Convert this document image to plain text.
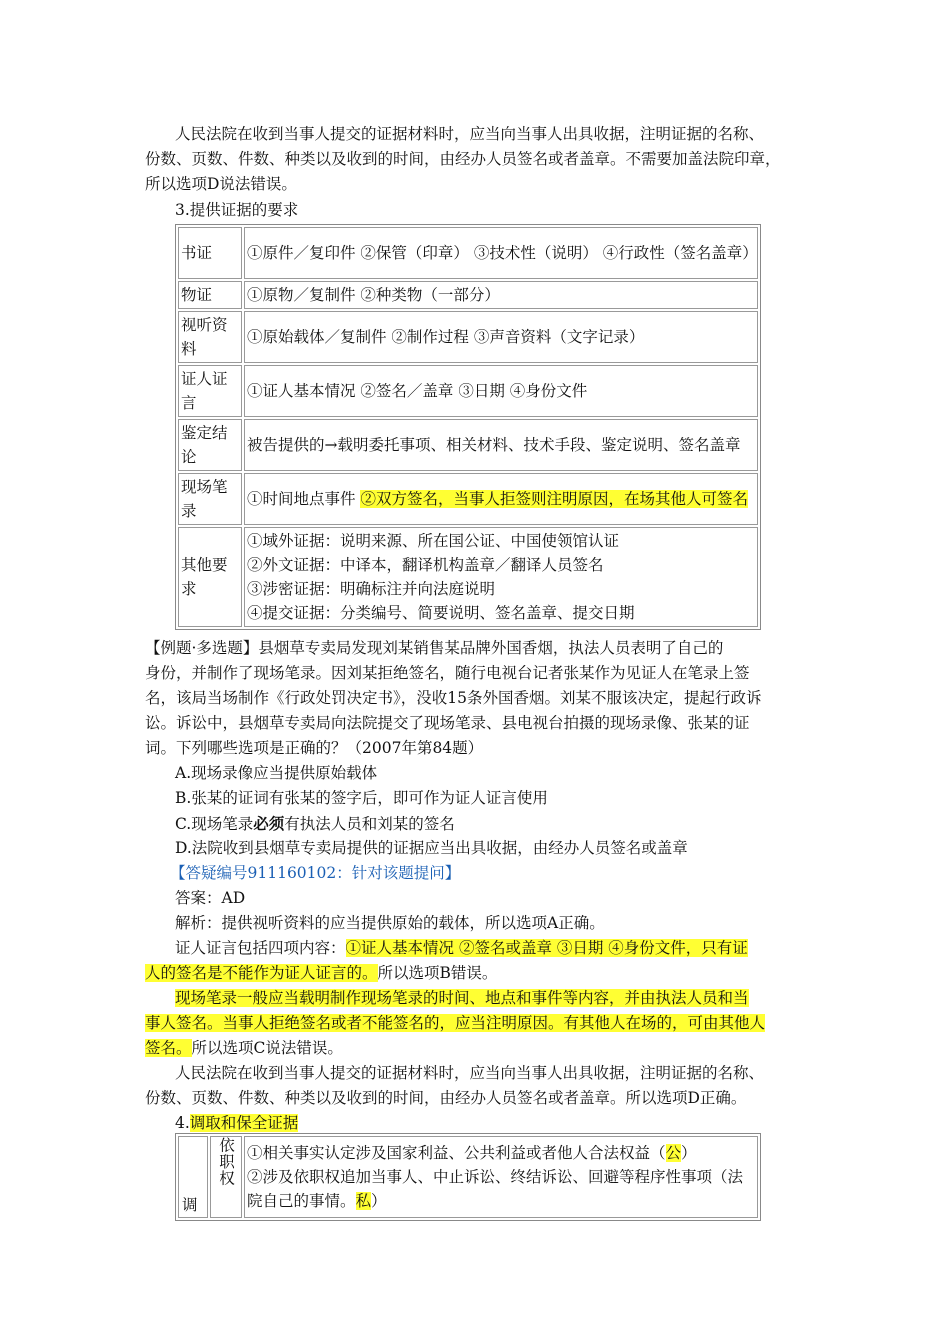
人民法院在收到当事人提交的证据材料时，应当向当事人出具收据，注明证据的名称、
份数、页数、件数、种类以及收到的时间，由经办人员签名或者盖章。不需要加盖法院印章，
所以选项D说法错误。
3.提供证据的要求
书证	①原件／复印件 ②保管（印章） ③技术性（说明） ④行政性（签名盖章）
物证	①原物／复制件 ②种类物（一部分）
视听资料	①原始载体／复制件 ②制作过程 ③声音资料（文字记录）
证人证言	①证人基本情况 ②签名／盖章 ③日期 ④身份文件
鉴定结论	被告提供的→载明委托事项、相关材料、技术手段、鉴定说明、签名盖章
现场笔录	①时间地点事件 ②双方签名，当事人拒签则注明原因，在场其他人可签名
其他要求	①域外证据：说明来源、所在国公证、中国使领馆认证
②外文证据：中译本，翻译机构盖章／翻译人员签名
③涉密证据：明确标注并向法庭说明
④提交证据：分类编号、简要说明、签名盖章、提交日期
【例题·多选题】县烟草专卖局发现刘某销售某品牌外国香烟，执法人员表明了自己的
身份，并制作了现场笔录。因刘某拒绝签名，随行电视台记者张某作为见证人在笔录上签
名，该局当场制作《行政处罚决定书》，没收15条外国香烟。刘某不服该决定，提起行政诉
讼。诉讼中，县烟草专卖局向法院提交了现场笔录、县电视台拍摄的现场录像、张某的证
词。下列哪些选项是正确的？（2007年第84题）
A.现场录像应当提供原始载体
B.张某的证词有张某的签字后，即可作为证人证言使用
C.现场笔录必须有执法人员和刘某的签名
D.法院收到县烟草专卖局提供的证据应当出具收据，由经办人员签名或盖章
【答疑编号911160102：针对该题提问】
答案：AD
解析：提供视听资料的应当提供原始的载体，所以选项A正确。
证人证言包括四项内容：①证人基本情况 ②签名或盖章 ③日期 ④身份文件，只有证
人的签名是不能作为证人证言的。所以选项B错误。
现场笔录一般应当载明制作现场笔录的时间、地点和事件等内容，并由执法人员和当
事人签名。当事人拒绝签名或者不能签名的，应当注明原因。有其他人在场的，可由其他人
签名。所以选项C说法错误。
人民法院在收到当事人提交的证据材料时，应当向当事人出具收据，注明证据的名称、
份数、页数、件数、种类以及收到的时间，由经办人员签名或者盖章。所以选项D正确。
4.调取和保全证据
调	依职权	①相关事实认定涉及国家利益、公共利益或者他人合法权益（公）
②涉及依职权追加当事人、中止诉讼、终结诉讼、回避等程序性事项（法院自己的事情。私）
